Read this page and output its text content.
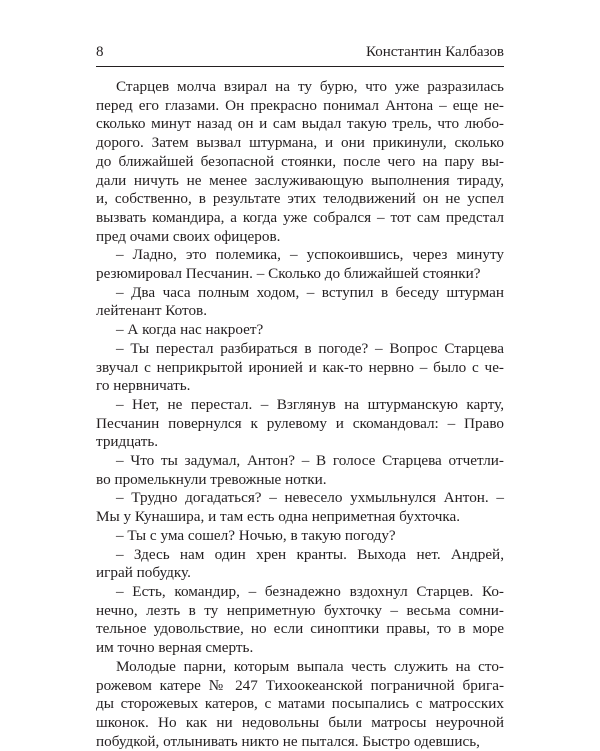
8	Константин Калбазов
Старцев молча взирал на ту бурю, что уже разразилась
перед его глазами. Он прекрасно понимал Антона – еще не-
сколько минут назад он и сам выдал такую трель, что любо-
дорого. Затем вызвал штурмана, и они прикинули, сколько
до ближайшей безопасной стоянки, после чего на пару вы-
дали ничуть не менее заслуживающую выполнения тираду,
и, собственно, в результате этих телодвижений он не успел
вызвать командира, а когда уже собрался – тот сам предстал
пред очами своих офицеров.
– Ладно, это полемика, – успокоившись, через минуту
резюмировал Песчанин. – Сколько до ближайшей стоянки?
– Два часа полным ходом, – вступил в беседу штурман
лейтенант Котов.
– А когда нас накроет?
– Ты перестал разбираться в погоде? – Вопрос Старцева
звучал с неприкрытой иронией и как-то нервно – было с че-
го нервничать.
– Нет, не перестал. – Взглянув на штурманскую карту,
Песчанин повернулся к рулевому и скомандовал: – Право
тридцать.
– Что ты задумал, Антон? – В голосе Старцева отчетли-
во промелькнули тревожные нотки.
– Трудно догадаться? – невесело ухмыльнулся Антон. –
Мы у Кунашира, и там есть одна неприметная бухточка.
– Ты с ума сошел? Ночью, в такую погоду?
– Здесь нам один хрен кранты. Выхода нет. Андрей,
играй побудку.
– Есть, командир, – безнадежно вздохнул Старцев. Ко-
нечно, лезть в ту неприметную бухточку – весьма сомни-
тельное удовольствие, но если синоптики правы, то в море
им точно верная смерть.
Молодые парни, которым выпала честь служить на сто-
рожевом катере № 247 Тихоокеанской пограничной брига-
ды сторожевых катеров, с матами посыпались с матросских
шконок. Но как ни недовольны были матросы неурочной
побудкой, отлынивать никто не пытался. Быстро одевшись,
